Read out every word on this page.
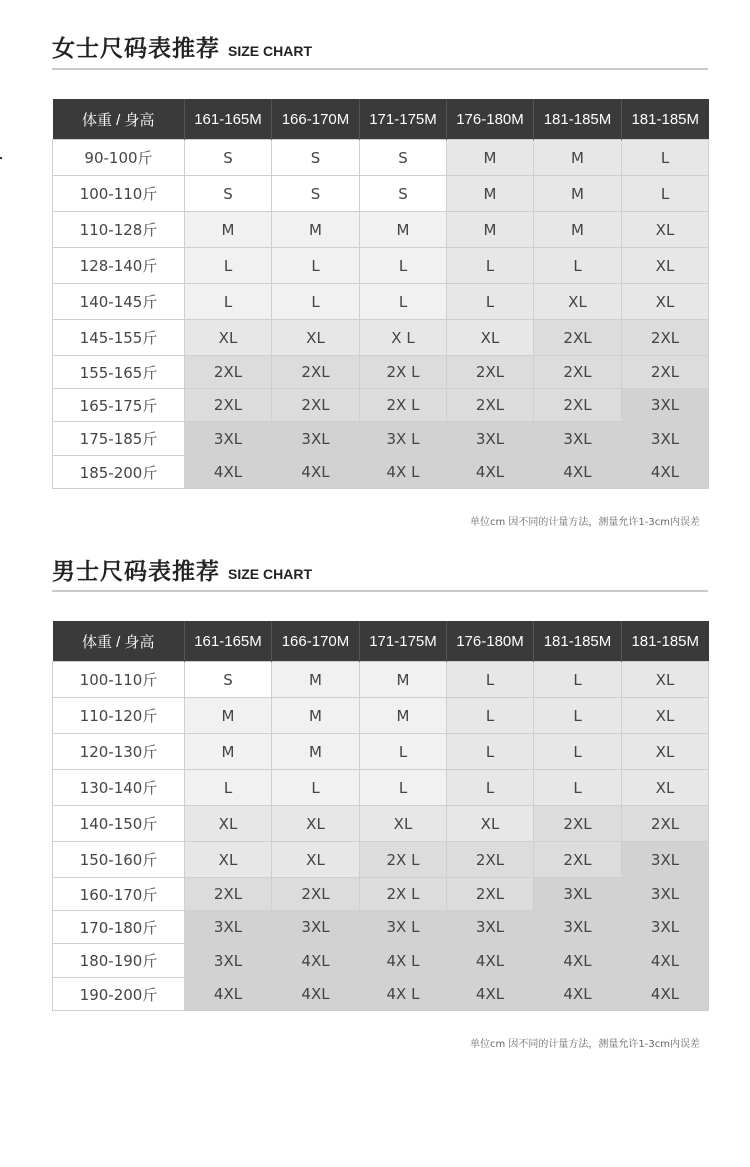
女士尺码表推荐 SIZE CHART
体重 / 身高	161-165M	166-170M	171-175M	176-180M	181-185M	181-185M
90-100斤	S	S	S	M	M	L
100-110斤	S	S	S	M	M	L
110-128斤	M	M	M	M	M	XL
128-140斤	L	L	L	L	L	XL
140-145斤	L	L	L	L	XL	XL
145-155斤	XL	XL	X L	XL	2XL	2XL
155-165斤	2XL	2XL	2X L	2XL	2XL	2XL
165-175斤	2XL	2XL	2X L	2XL	2XL	3XL
175-185斤	3XL	3XL	3X L	3XL	3XL	3XL
185-200斤	4XL	4XL	4X L	4XL	4XL	4XL
单位cm 因不同的计量方法，测量允许1-3cm内误差
男士尺码表推荐 SIZE CHART
体重 / 身高	161-165M	166-170M	171-175M	176-180M	181-185M	181-185M
100-110斤	S	M	M	L	L	XL
110-120斤	M	M	M	L	L	XL
120-130斤	M	M	L	L	L	XL
130-140斤	L	L	L	L	L	XL
140-150斤	XL	XL	XL	XL	2XL	2XL
150-160斤	XL	XL	2X L	2XL	2XL	3XL
160-170斤	2XL	2XL	2X L	2XL	3XL	3XL
170-180斤	3XL	3XL	3X L	3XL	3XL	3XL
180-190斤	3XL	4XL	4X L	4XL	4XL	4XL
190-200斤	4XL	4XL	4X L	4XL	4XL	4XL
单位cm 因不同的计量方法，测量允许1-3cm内误差
